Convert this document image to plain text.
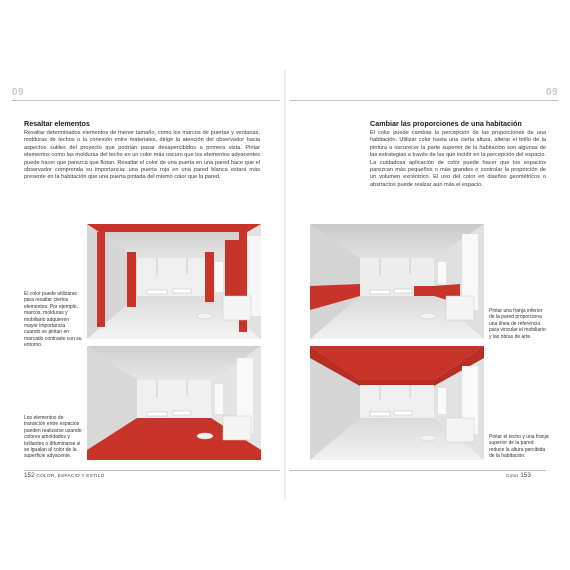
09
Resaltar elementos

Resaltar determinados elementos de menor tamaño, como los marcos de puertas y ventanas, molduras de techos o la conexión entre materiales, dirige la atención del observador hacia aspectos sutiles del proyecto que podrían pasar desapercibidos a primera vista. Pintar elementos como las molduras del techo en un color más oscuro que los elementos adyacentes puede hacer que parezca que flotan. Resaltar el color de una puerta en una pared hace que el observador comprenda su importancia: una puerta roja en una pared blanca estará más presente en la habitación que una puerta pintada del mismo color que la pared.

El color puede utilizarse para resaltar ciertos elementos. Por ejemplo, marcos, molduras y mobiliario adquieren mayor importancia cuando se pintan en marcado contraste con su entorno.
Los elementos de transición entre espacios pueden realizarse usando colores amoldados y brillantes o difuminarse si se igualan al color de la superficie adyacente.
152 COLOR, ESPACIO Y ESTILO
09
Cambiar las proporciones de una habitación

El color puede cambiar la percepción de las proporciones de una habitación. Utilizar color hasta una cierta altura, alterar el brillo de la pintura u oscurecer la parte superior de la habitación son algunas de las estrategias a través de las que incidir en la percepción del espacio. La cuidadosa aplicación de color puede hacer que los espacios parezcan más pequeños o más grandes o controlar la proporción de un volumen excéntrico. El uso del color en diseños geométricos o abstractos puede realzar aún más el espacio.

Pintar una franja inferior de la pared proporciona una línea de referencia para vincular el mobiliario y las obras de arte.
Pintar el techo y una franja superior de la pared reduce la altura percibida de la habitación.
Color 153
